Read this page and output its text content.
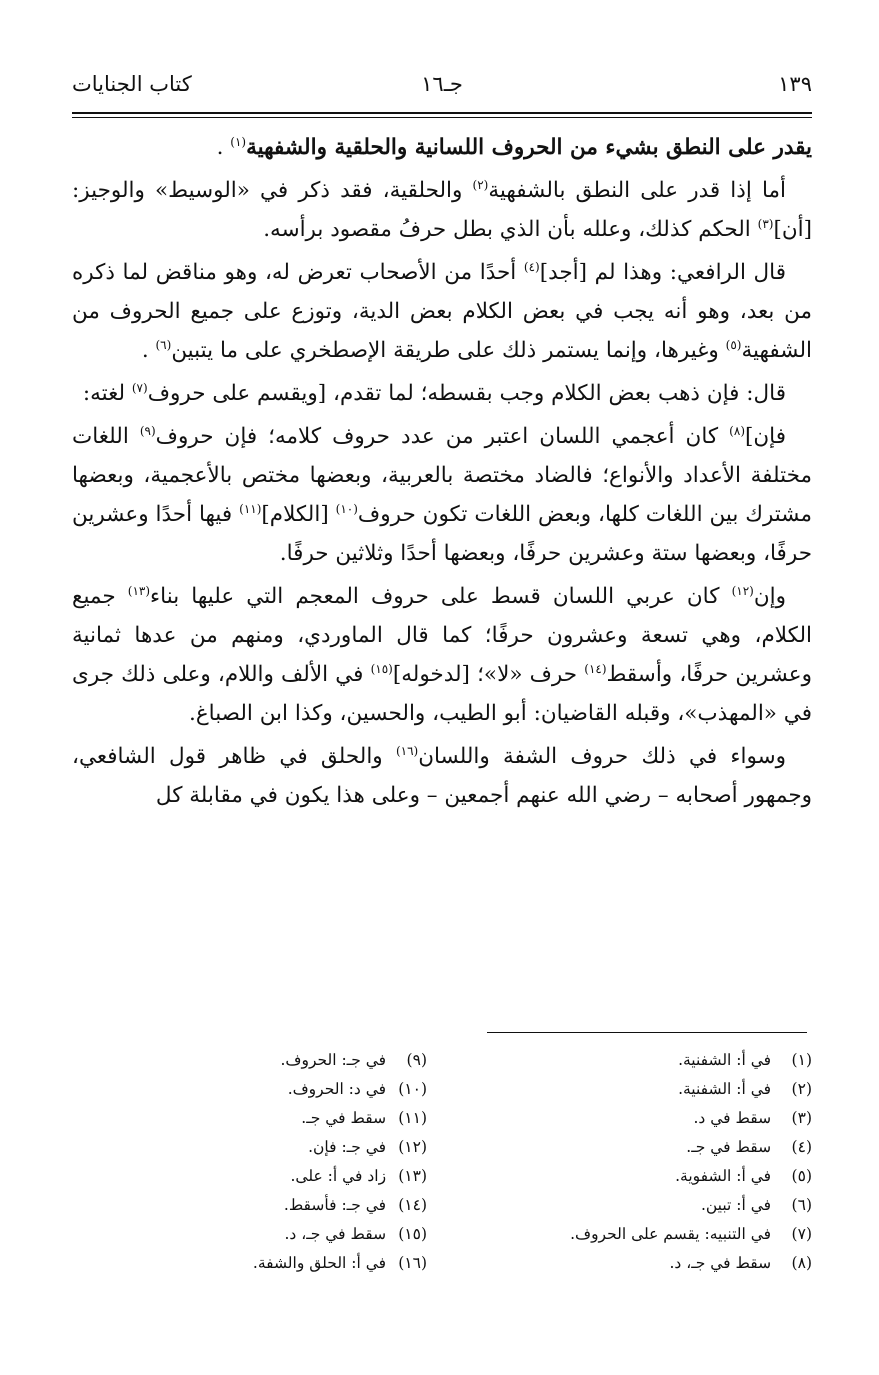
١٣٩
جـ١٦
كتاب الجنايات

يقدر على النطق بشيء من الحروف اللسانية والحلقية والشفهية$^{(١)}$ .

أما إذا قدر على النطق بالشفهية$^{(٢)}$ والحلقية، فقد ذكر في «الوسيط» والوجيز: [أن]$^{(٣)}$ الحكم كذلك، وعلله بأن الذي بطل حرفُ مقصود برأسه.

قال الرافعي: وهذا لم [أجد]$^{(٤)}$ أحدًا من الأصحاب تعرض له، وهو مناقض لما ذكره من بعد، وهو أنه يجب في بعض الكلام بعض الدية، وتوزع على جميع الحروف من الشفهية$^{(٥)}$ وغيرها، وإنما يستمر ذلك على طريقة الإصطخري على ما يتبين$^{(٦)}$ .

قال: فإن ذهب بعض الكلام وجب بقسطه؛ لما تقدم، [ويقسم على حروف$^{(٧)}$ لغته:

فإن]$^{(٨)}$ كان أعجمي اللسان اعتبر من عدد حروف كلامه؛ فإن حروف$^{(٩)}$ اللغات مختلفة الأعداد والأنواع؛ فالضاد مختصة بالعربية، وبعضها مختص بالأعجمية، وبعضها مشترك بين اللغات كلها، وبعض اللغات تكون حروف$^{(١٠)}$ [الكلام]$^{(١١)}$ فيها أحدًا وعشرين حرفًا، وبعضها ستة وعشرين حرفًا، وبعضها أحدًا وثلاثين حرفًا.

وإن$^{(١٢)}$ كان عربي اللسان قسط على حروف المعجم التي عليها بناء$^{(١٣)}$ جميع الكلام، وهي تسعة وعشرون حرفًا؛ كما قال الماوردي، ومنهم من عدها ثمانية وعشرين حرفًا، وأسقط$^{(١٤)}$ حرف «لا»؛ [لدخوله]$^{(١٥)}$ في الألف واللام، وعلى ذلك جرى في «المهذب»، وقبله القاضيان: أبو الطيب، والحسين، وكذا ابن الصباغ.

وسواء في ذلك حروف الشفة واللسان$^{(١٦)}$ والحلق في ظاهر قول الشافعي، وجمهور أصحابه – رضي الله عنهم أجمعين – وعلى هذا يكون في مقابلة كل

(١) في أ: الشفنية.
(٢) في أ: الشفنية.
(٣) سقط في د.
(٤) سقط في جـ.
(٥) في أ: الشفوية.
(٦) في أ: تبين.
(٧) في التنبيه: يقسم على الحروف.
(٨) سقط في جـ، د.
(٩) في جـ: الحروف.
(١٠) في د: الحروف.
(١١) سقط في جـ.
(١٢) في جـ: فإن.
(١٣) زاد في أ: على.
(١٤) في جـ: فأسقط.
(١٥) سقط في جـ، د.
(١٦) في أ: الحلق والشفة.
